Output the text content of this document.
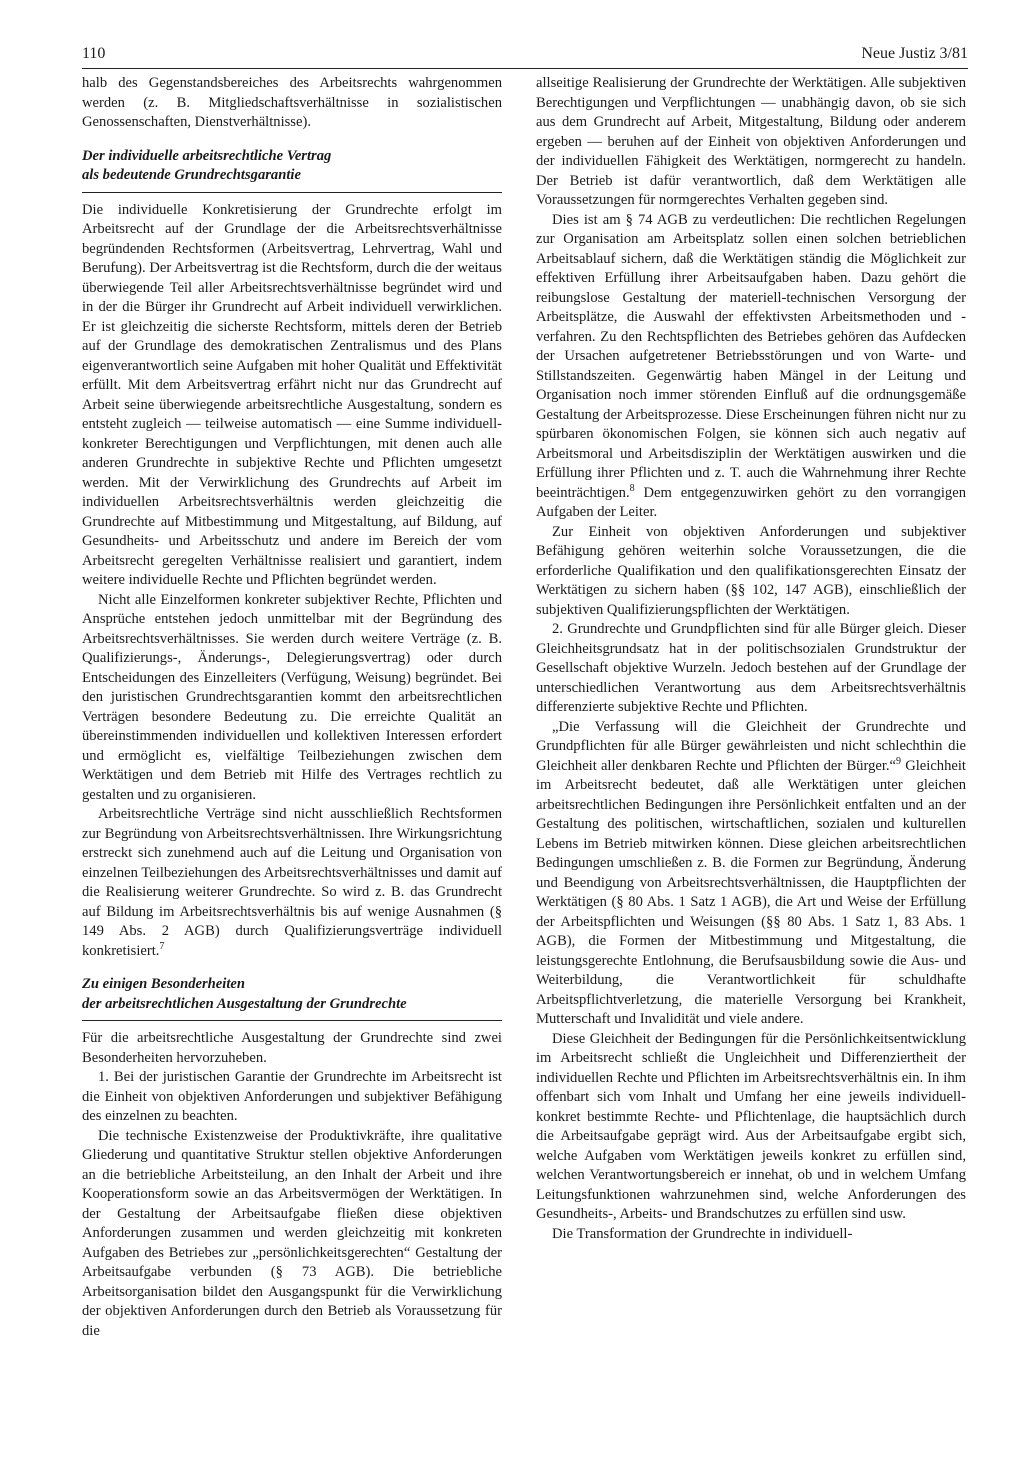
110	Neue Justiz 3/81

halb des Gegenstandsbereiches des Arbeitsrechts wahrgenommen werden (z. B. Mitgliedschaftsverhältnisse in sozialistischen Genossenschaften, Dienstverhältnisse).

Der individuelle arbeitsrechtliche Vertrag
als bedeutende Grundrechtsgarantie

Die individuelle Konkretisierung der Grundrechte erfolgt im Arbeitsrecht auf der Grundlage der die Arbeitsrechtsverhältnisse begründenden Rechtsformen (Arbeitsvertrag, Lehrvertrag, Wahl und Berufung). Der Arbeitsvertrag ist die Rechtsform, durch die der weitaus überwiegende Teil aller Arbeitsrechtsverhältnisse begründet wird und in der die Bürger ihr Grundrecht auf Arbeit individuell verwirklichen. Er ist gleichzeitig die sicherste Rechtsform, mittels deren der Betrieb auf der Grundlage des demokratischen Zentralismus und des Plans eigenverantwortlich seine Aufgaben mit hoher Qualität und Effektivität erfüllt. Mit dem Arbeitsvertrag erfährt nicht nur das Grundrecht auf Arbeit seine überwiegende arbeitsrechtliche Ausgestaltung, sondern es entsteht zugleich — teilweise automatisch — eine Summe individuell-konkreter Berechtigungen und Verpflichtungen, mit denen auch alle anderen Grundrechte in subjektive Rechte und Pflichten umgesetzt werden. Mit der Verwirklichung des Grundrechts auf Arbeit im individuellen Arbeitsrechtsverhältnis werden gleichzeitig die Grundrechte auf Mitbestimmung und Mitgestaltung, auf Bildung, auf Gesundheits- und Arbeitsschutz und andere im Bereich der vom Arbeitsrecht geregelten Verhältnisse realisiert und garantiert, indem weitere individuelle Rechte und Pflichten begründet werden.

Nicht alle Einzelformen konkreter subjektiver Rechte, Pflichten und Ansprüche entstehen jedoch unmittelbar mit der Begründung des Arbeitsrechtsverhältnisses. Sie werden durch weitere Verträge (z. B. Qualifizierungs-, Änderungs-, Delegierungsvertrag) oder durch Entscheidungen des Einzelleiters (Verfügung, Weisung) begründet. Bei den juristischen Grundrechtsgarantien kommt den arbeitsrechtlichen Verträgen besondere Bedeutung zu. Die erreichte Qualität an übereinstimmenden individuellen und kollektiven Interessen erfordert und ermöglicht es, vielfältige Teilbeziehungen zwischen dem Werktätigen und dem Betrieb mit Hilfe des Vertrages rechtlich zu gestalten und zu organisieren.

Arbeitsrechtliche Verträge sind nicht ausschließlich Rechtsformen zur Begründung von Arbeitsrechtsverhältnissen. Ihre Wirkungsrichtung erstreckt sich zunehmend auch auf die Leitung und Organisation von einzelnen Teilbeziehungen des Arbeitsrechtsverhältnisses und damit auf die Realisierung weiterer Grundrechte. So wird z. B. das Grundrecht auf Bildung im Arbeitsrechtsverhältnis bis auf wenige Ausnahmen (§ 149 Abs. 2 AGB) durch Qualifizierungsverträge individuell konkretisiert.$^7$

Zu einigen Besonderheiten
der arbeitsrechtlichen Ausgestaltung der Grundrechte

Für die arbeitsrechtliche Ausgestaltung der Grundrechte sind zwei Besonderheiten hervorzuheben.

1. Bei der juristischen Garantie der Grundrechte im Arbeitsrecht ist die Einheit von objektiven Anforderungen und subjektiver Befähigung des einzelnen zu beachten.

Die technische Existenzweise der Produktivkräfte, ihre qualitative Gliederung und quantitative Struktur stellen objektive Anforderungen an die betriebliche Arbeitsteilung, an den Inhalt der Arbeit und ihre Kooperationsform sowie an das Arbeitsvermögen der Werktätigen. In der Gestaltung der Arbeitsaufgabe fließen diese objektiven Anforderungen zusammen und werden gleichzeitig mit konkreten Aufgaben des Betriebes zur „persönlichkeitsgerechten“ Gestaltung der Arbeitsaufgabe verbunden (§ 73 AGB). Die betriebliche Arbeitsorganisation bildet den Ausgangspunkt für die Verwirklichung der objektiven Anforderungen durch den Betrieb als Voraussetzung für die

allseitige Realisierung der Grundrechte der Werktätigen. Alle subjektiven Berechtigungen und Verpflichtungen — unabhängig davon, ob sie sich aus dem Grundrecht auf Arbeit, Mitgestaltung, Bildung oder anderem ergeben — beruhen auf der Einheit von objektiven Anforderungen und der individuellen Fähigkeit des Werktätigen, normgerecht zu handeln. Der Betrieb ist dafür verantwortlich, daß dem Werktätigen alle Voraussetzungen für normgerechtes Verhalten gegeben sind.

Dies ist am § 74 AGB zu verdeutlichen: Die rechtlichen Regelungen zur Organisation am Arbeitsplatz sollen einen solchen betrieblichen Arbeitsablauf sichern, daß die Werktätigen ständig die Möglichkeit zur effektiven Erfüllung ihrer Arbeitsaufgaben haben. Dazu gehört die reibungslose Gestaltung der materiell-technischen Versorgung der Arbeitsplätze, die Auswahl der effektivsten Arbeitsmethoden und -verfahren. Zu den Rechtspflichten des Betriebes gehören das Aufdecken der Ursachen aufgetretener Betriebsstörungen und von Warte- und Stillstandszeiten. Gegenwärtig haben Mängel in der Leitung und Organisation noch immer störenden Einfluß auf die ordnungsgemäße Gestaltung der Arbeitsprozesse. Diese Erscheinungen führen nicht nur zu spürbaren ökonomischen Folgen, sie können sich auch negativ auf Arbeitsmoral und Arbeitsdisziplin der Werktätigen auswirken und die Erfüllung ihrer Pflichten und z. T. auch die Wahrnehmung ihrer Rechte beeinträchtigen.$^8$ Dem entgegenzuwirken gehört zu den vorrangigen Aufgaben der Leiter.

Zur Einheit von objektiven Anforderungen und subjektiver Befähigung gehören weiterhin solche Voraussetzungen, die die erforderliche Qualifikation und den qualifikationsgerechten Einsatz der Werktätigen zu sichern haben (§§ 102, 147 AGB), einschließlich der subjektiven Qualifizierungspflichten der Werktätigen.

2. Grundrechte und Grundpflichten sind für alle Bürger gleich. Dieser Gleichheitsgrundsatz hat in der politischsozialen Grundstruktur der Gesellschaft objektive Wurzeln. Jedoch bestehen auf der Grundlage der unterschiedlichen Verantwortung aus dem Arbeitsrechtsverhältnis differenzierte subjektive Rechte und Pflichten.

„Die Verfassung will die Gleichheit der Grundrechte und Grundpflichten für alle Bürger gewährleisten und nicht schlechthin die Gleichheit aller denkbaren Rechte und Pflichten der Bürger.“$^9$ Gleichheit im Arbeitsrecht bedeutet, daß alle Werktätigen unter gleichen arbeitsrechtlichen Bedingungen ihre Persönlichkeit entfalten und an der Gestaltung des politischen, wirtschaftlichen, sozialen und kulturellen Lebens im Betrieb mitwirken können. Diese gleichen arbeitsrechtlichen Bedingungen umschließen z. B. die Formen zur Begründung, Änderung und Beendigung von Arbeitsrechtsverhältnissen, die Hauptpflichten der Werktätigen (§ 80 Abs. 1 Satz 1 AGB), die Art und Weise der Erfüllung der Arbeitspflichten und Weisungen (§§ 80 Abs. 1 Satz 1, 83 Abs. 1 AGB), die Formen der Mitbestimmung und Mitgestaltung, die leistungsgerechte Entlohnung, die Berufsausbildung sowie die Aus- und Weiterbildung, die Verantwortlichkeit für schuldhafte Arbeitspflichtverletzung, die materielle Versorgung bei Krankheit, Mutterschaft und Invalidität und viele andere.

Diese Gleichheit der Bedingungen für die Persönlichkeitsentwicklung im Arbeitsrecht schließt die Ungleichheit und Differenziertheit der individuellen Rechte und Pflichten im Arbeitsrechtsverhältnis ein. In ihm offenbart sich vom Inhalt und Umfang her eine jeweils individuell-konkret bestimmte Rechte- und Pflichtenlage, die hauptsächlich durch die Arbeitsaufgabe geprägt wird. Aus der Arbeitsaufgabe ergibt sich, welche Aufgaben vom Werktätigen jeweils konkret zu erfüllen sind, welchen Verantwortungsbereich er innehat, ob und in welchem Umfang Leitungsfunktionen wahrzunehmen sind, welche Anforderungen des Gesundheits-, Arbeits- und Brandschutzes zu erfüllen sind usw.

Die Transformation der Grundrechte in individuell-
